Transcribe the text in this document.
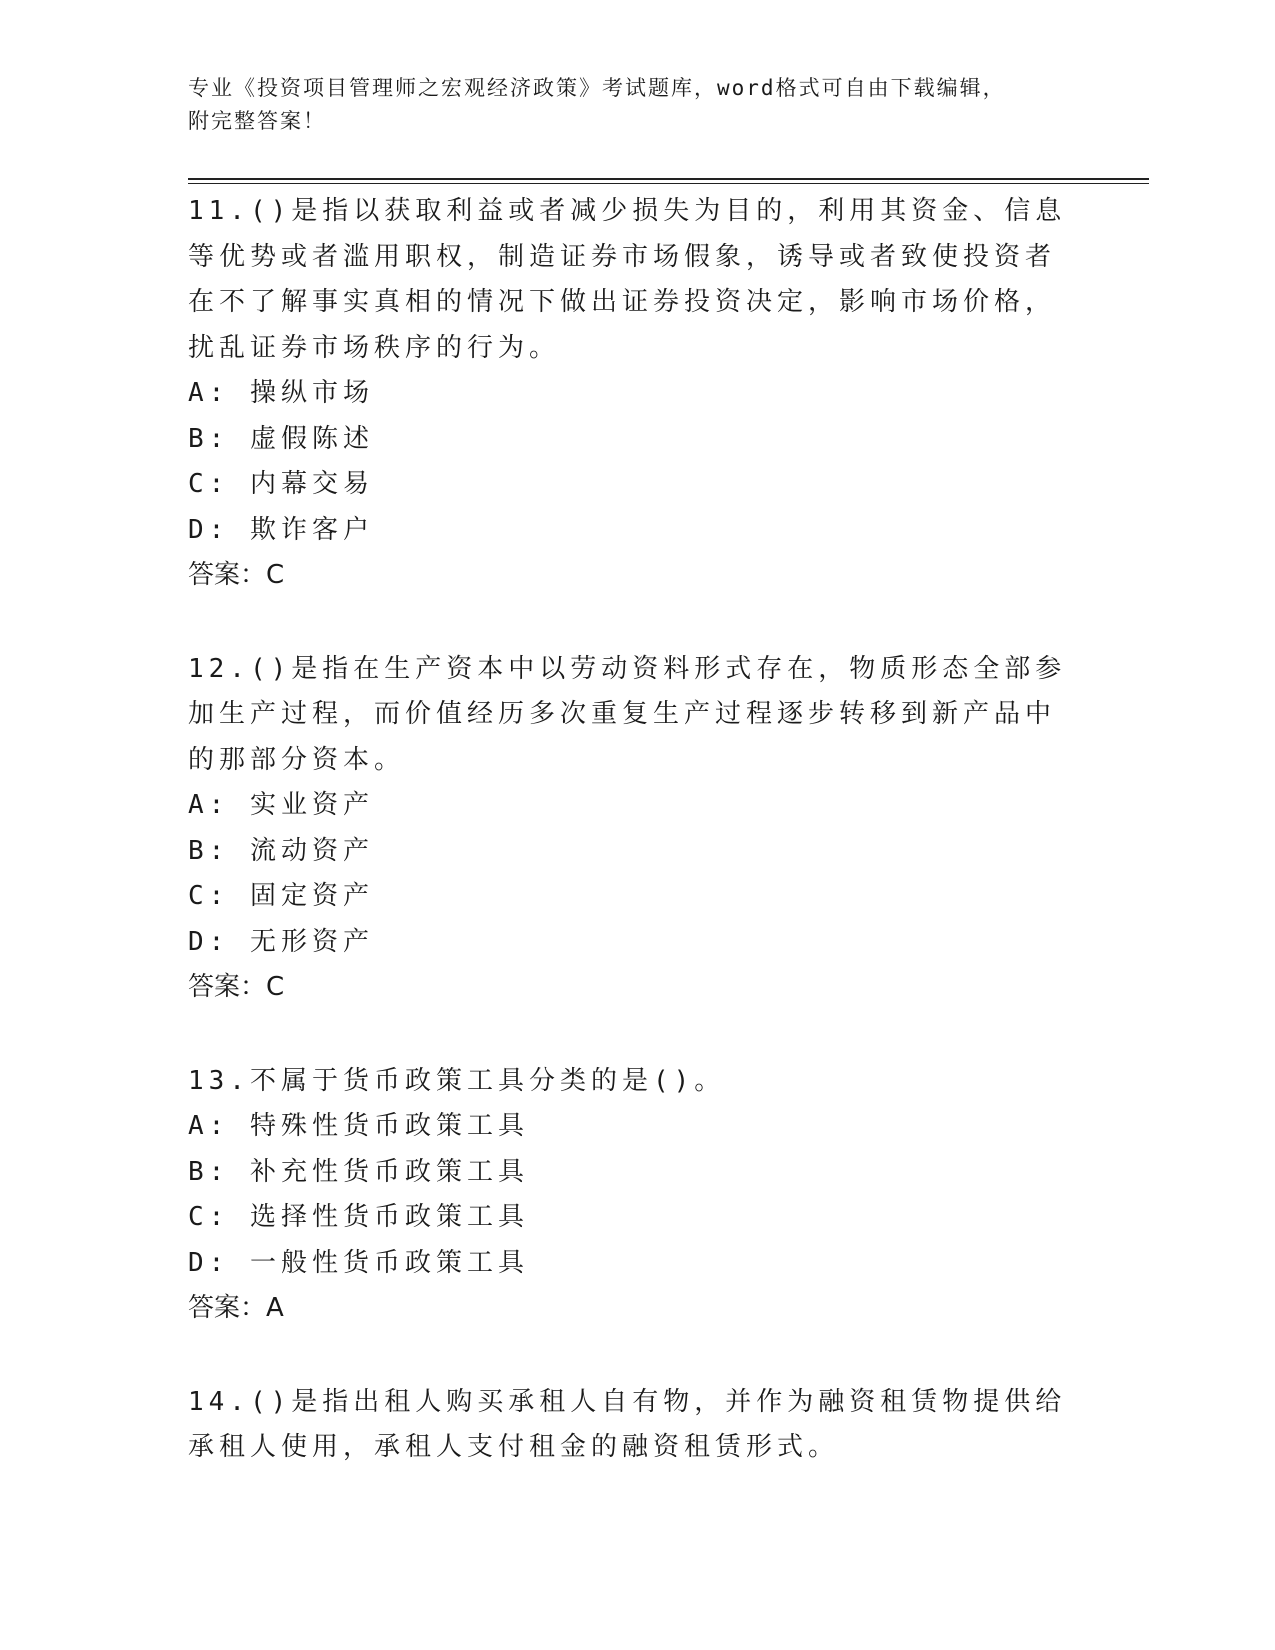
专业《投资项目管理师之宏观经济政策》考试题库，word格式可自由下载编辑，
附完整答案！

11.()是指以获取利益或者减少损失为目的，利用其资金、信息等优势或者滥用职权，制造证券市场假象，诱导或者致使投资者在不了解事实真相的情况下做出证券投资决定，影响市场价格，扰乱证券市场秩序的行为。

A: 操纵市场

B: 虚假陈述

C: 内幕交易

D: 欺诈客户

答案：C

12.()是指在生产资本中以劳动资料形式存在，物质形态全部参加生产过程，而价值经历多次重复生产过程逐步转移到新产品中的那部分资本。

A: 实业资产

B: 流动资产

C: 固定资产

D: 无形资产

答案：C

13.不属于货币政策工具分类的是()。

A: 特殊性货币政策工具

B: 补充性货币政策工具

C: 选择性货币政策工具

D: 一般性货币政策工具

答案：A

14.()是指出租人购买承租人自有物，并作为融资租赁物提供给承租人使用，承租人支付租金的融资租赁形式。
